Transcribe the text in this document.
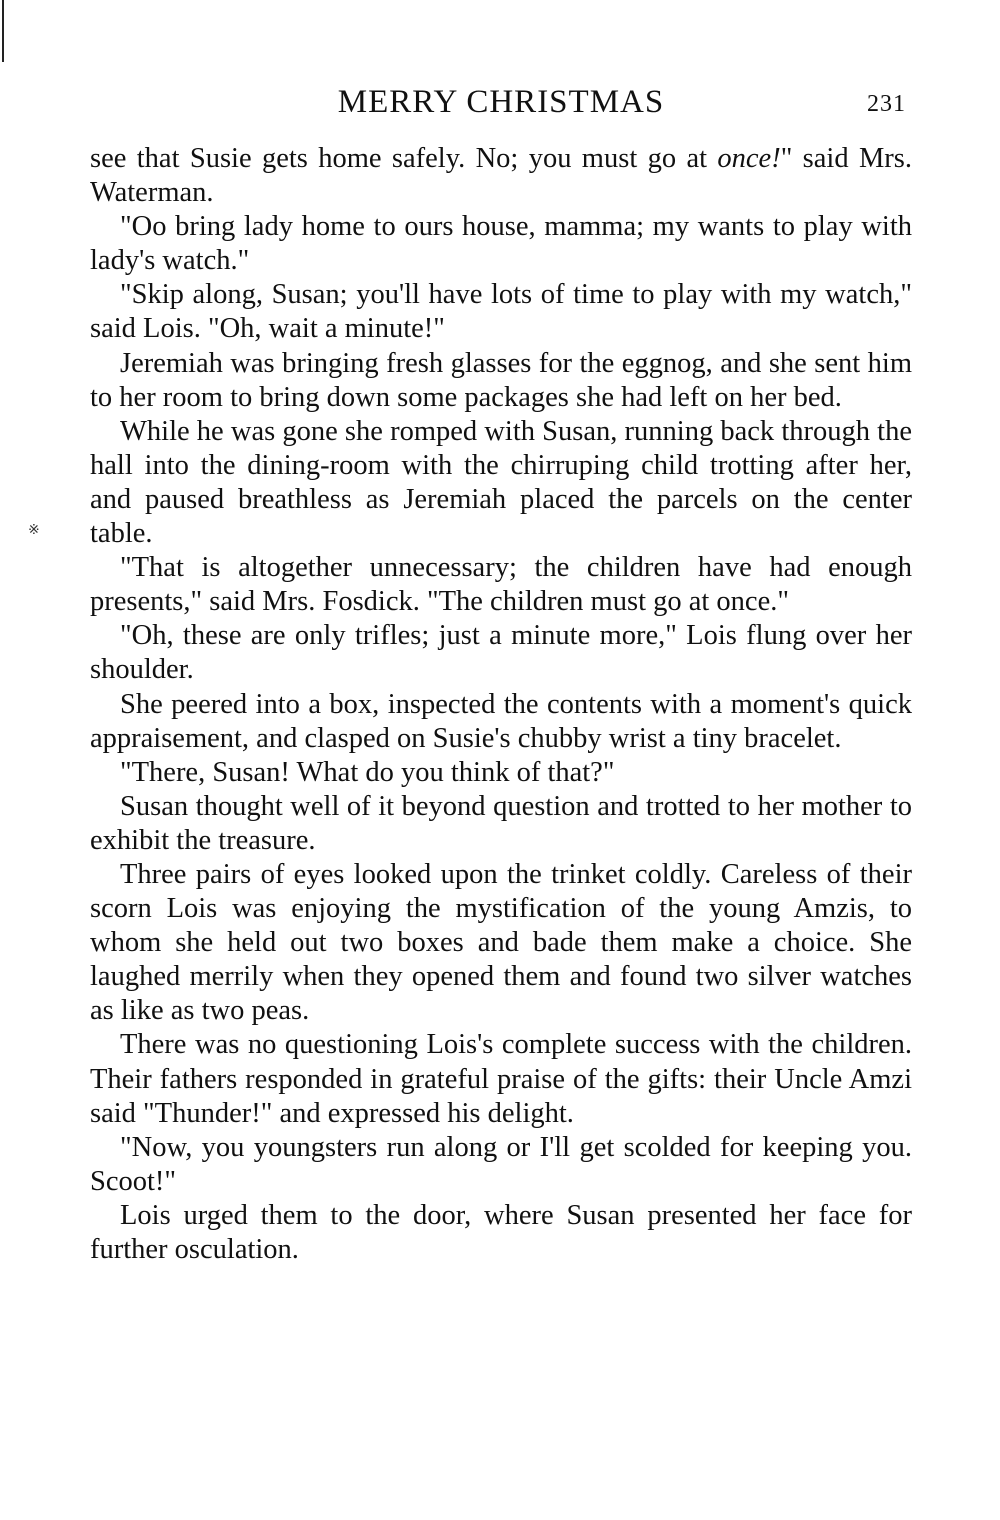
※
MERRY CHRISTMAS	231

see that Susie gets home safely. No; you must go at once!" said Mrs. Waterman.

"Oo bring lady home to ours house, mamma; my wants to play with lady's watch."

"Skip along, Susan; you'll have lots of time to play with my watch," said Lois. "Oh, wait a minute!"

Jeremiah was bringing fresh glasses for the eggnog, and she sent him to her room to bring down some packages she had left on her bed.

While he was gone she romped with Susan, running back through the hall into the dining-room with the chirruping child trotting after her, and paused breathless as Jeremiah placed the parcels on the center table.

"That is altogether unnecessary; the children have had enough presents," said Mrs. Fosdick. "The children must go at once."

"Oh, these are only trifles; just a minute more," Lois flung over her shoulder.

She peered into a box, inspected the contents with a moment's quick appraisement, and clasped on Susie's chubby wrist a tiny bracelet.

"There, Susan! What do you think of that?"

Susan thought well of it beyond question and trotted to her mother to exhibit the treasure.

Three pairs of eyes looked upon the trinket coldly. Careless of their scorn Lois was enjoying the mystification of the young Amzis, to whom she held out two boxes and bade them make a choice. She laughed merrily when they opened them and found two silver watches as like as two peas.

There was no questioning Lois's complete success with the children. Their fathers responded in grateful praise of the gifts: their Uncle Amzi said "Thunder!" and expressed his delight.

"Now, you youngsters run along or I'll get scolded for keeping you. Scoot!"

Lois urged them to the door, where Susan presented her face for further osculation.
